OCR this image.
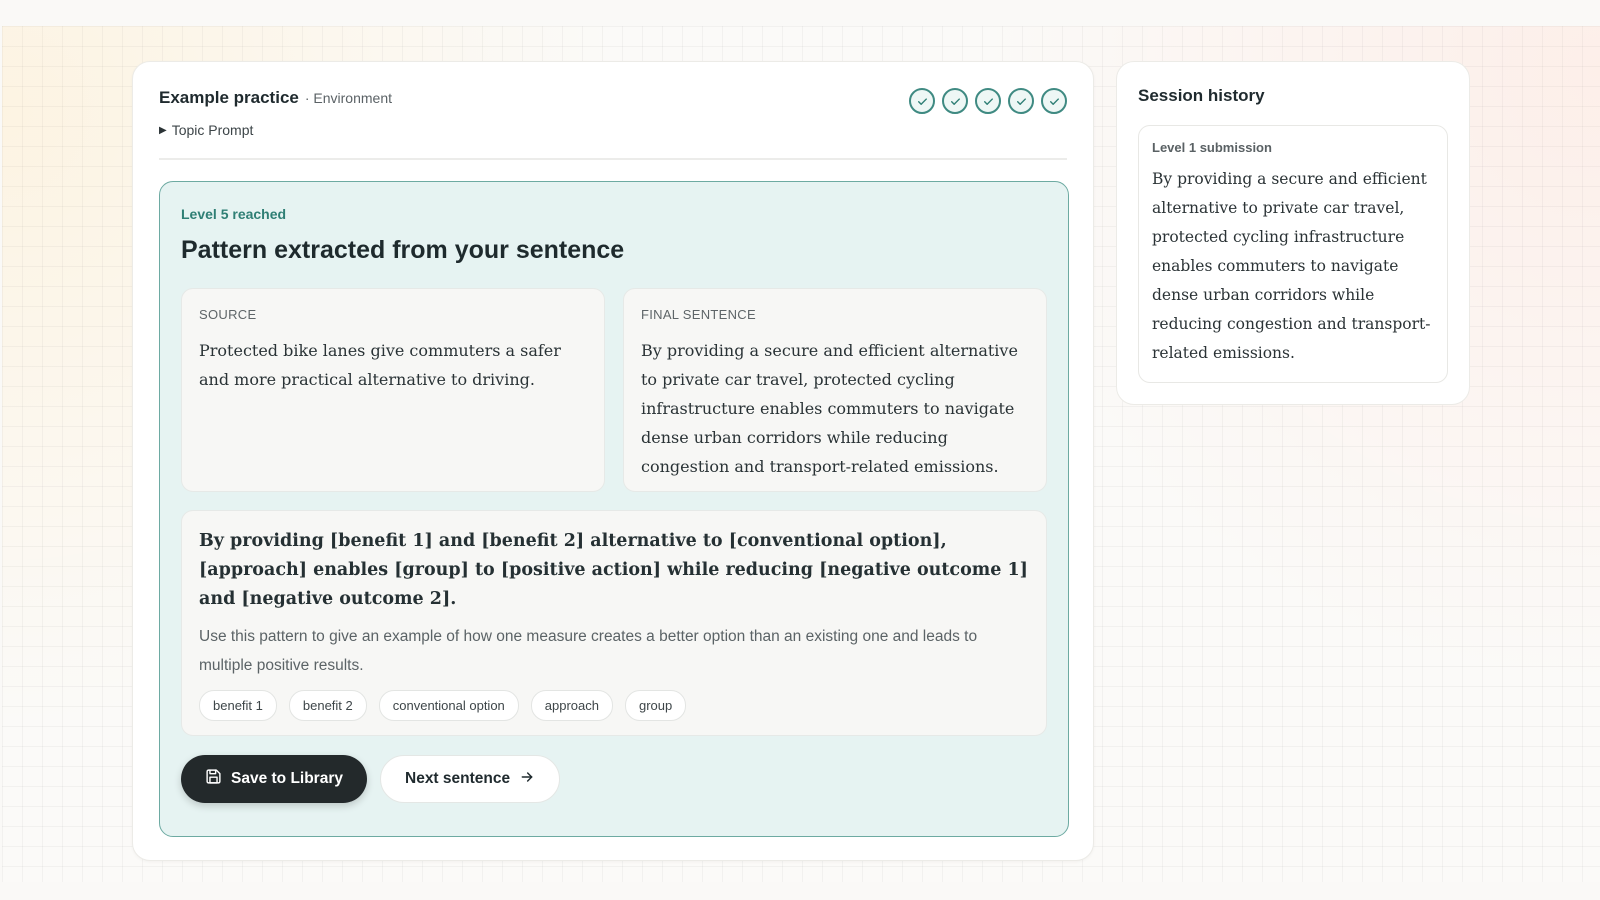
Example practice · Environment
▶ Topic Prompt
Level 5 reached
Pattern extracted from your sentence
SOURCE
Protected bike lanes give commuters a safer and more practical alternative to driving.
FINAL SENTENCE
By providing a secure and efficient alternative to private car travel, protected cycling infrastructure enables commuters to navigate dense urban corridors while reducing congestion and transport-related emissions.
By providing [benefit 1] and [benefit 2] alternative to [conventional option], [approach] enables [group] to [positive action] while reducing [negative outcome 1] and [negative outcome 2].
Use this pattern to give an example of how one measure creates a better option than an existing one and leads to multiple positive results.
benefit 1	benefit 2	conventional option	approach	group
Save to Library	Next sentence
Session history
Level 1 submission
By providing a secure and efficient alternative to private car travel, protected cycling infrastructure enables commuters to navigate dense urban corridors while reducing congestion and transport-related emissions.
